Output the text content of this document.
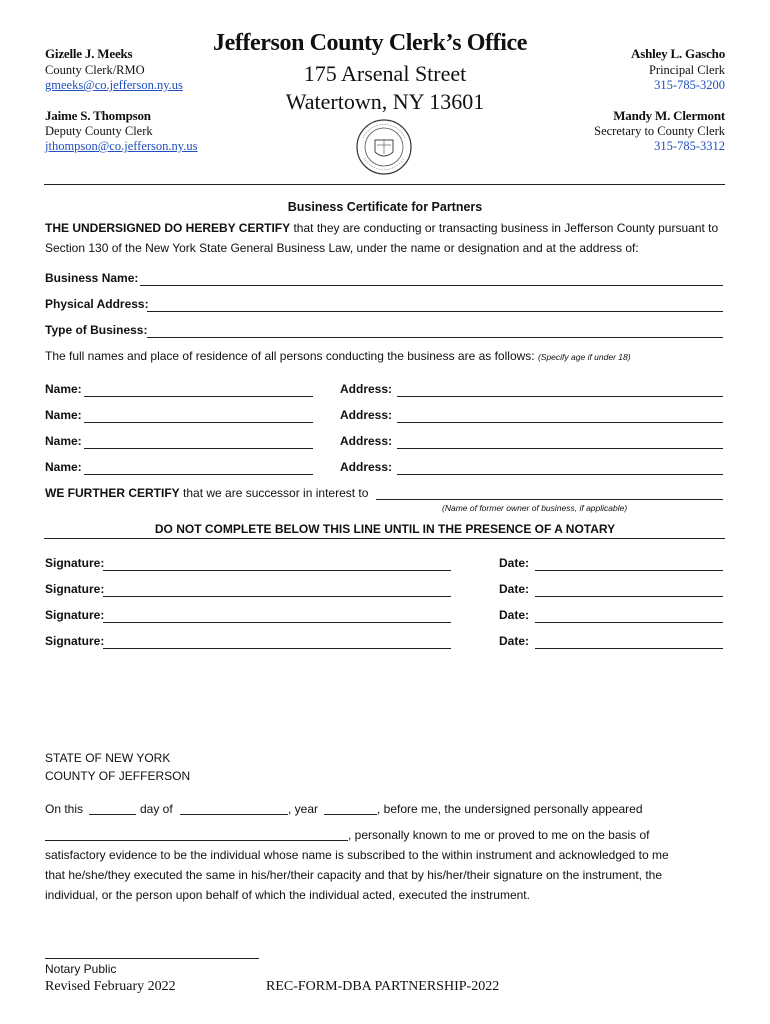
Gizelle J. Meeks
County Clerk/RMO
gmeeks@co.jefferson.ny.us
Jaime S. Thompson
Deputy County Clerk
jthompson@co.jefferson.ny.us
Jefferson County Clerk’s Office
175 Arsenal Street
Watertown, NY 13601
Ashley L. Gascho
Principal Clerk
315-785-3200
Mandy M. Clermont
Secretary to County Clerk
315-785-3312
Business Certificate for Partners
THE UNDERSIGNED DO HEREBY CERTIFY that they are conducting or transacting business in Jefferson County pursuant to
Section 130 of the New York State General Business Law, under the name or designation and at the address of:
Business Name:
Physical Address:
Type of Business:
The full names and place of residence of all persons conducting the business are as follows: (Specify age if under 18)
Name:	Address:
Name:	Address:
Name:	Address:
Name:	Address:
WE FURTHER CERTIFY that we are successor in interest to
(Name of former owner of business, if applicable)
DO NOT COMPLETE BELOW THIS LINE UNTIL IN THE PRESENCE OF A NOTARY
Signature:	Date:
Signature:	Date:
Signature:	Date:
Signature:	Date:
STATE OF NEW YORK
COUNTY OF JEFFERSON
On this	day of	, year	, before me, the undersigned personally appeared
, personally known to me or proved to me on the basis of
satisfactory evidence to be the individual whose name is subscribed to the within instrument and acknowledged to me
that he/she/they executed the same in his/her/their capacity and that by his/her/their signature on the instrument, the
individual, or the person upon behalf of which the individual acted, executed the instrument.
Notary Public
Revised February 2022	REC-FORM-DBA PARTNERSHIP-2022
